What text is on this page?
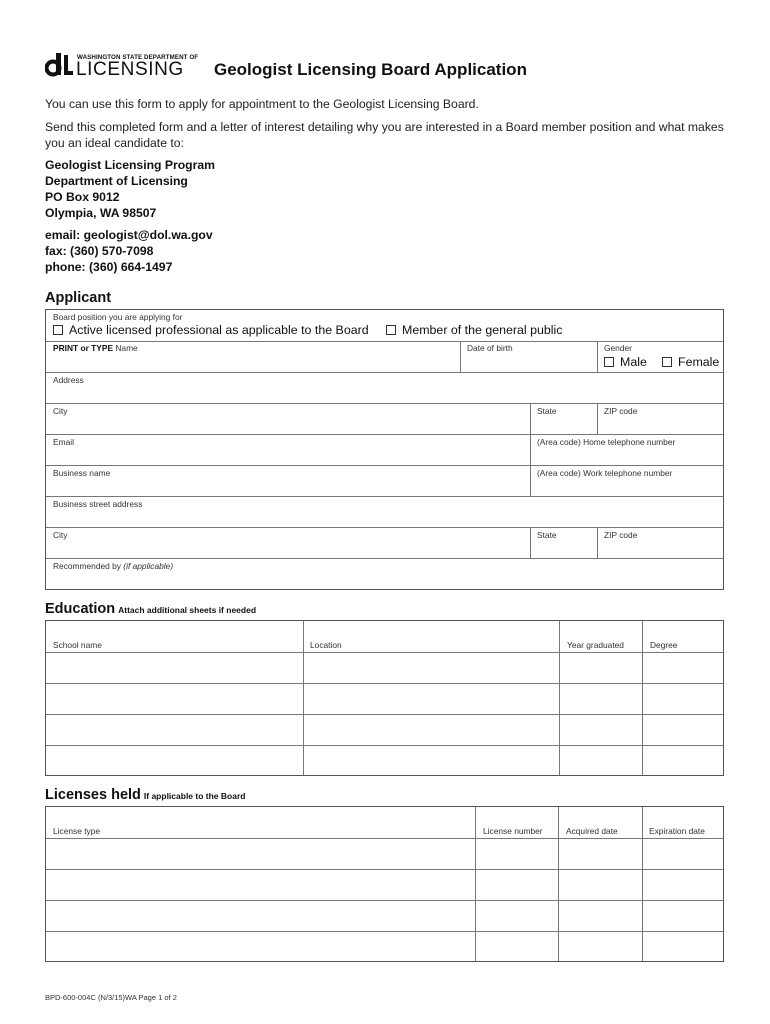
WASHINGTON STATE DEPARTMENT OF
LICENSING Geologist Licensing Board Application
You can use this form to apply for appointment to the Geologist Licensing Board.
Send this completed form and a letter of interest detailing why you are interested in a Board member position and what makes you an ideal candidate to:
Geologist Licensing Program
Department of Licensing
PO Box 9012
Olympia, WA 98507
email: geologist@dol.wa.gov
fax: (360) 570-7098
phone: (360) 664-1497
Applicant
Board position you are applying for
Active licensed professional as applicable to the Board	Member of the general public
PRINT or TYPE Name	Date of birth	Gender
Male	Female
Address
City	State	ZIP code
Email	(Area code) Home telephone number
Business name	(Area code) Work telephone number
Business street address
City	State	ZIP code
Recommended by (if applicable)
Education Attach additional sheets if needed
School name	Location	Year graduated	Degree
Licenses held If applicable to the Board
License type	License number	Acquired date	Expiration date
BPD-600-004C (N/3/15)WA Page 1 of 2
